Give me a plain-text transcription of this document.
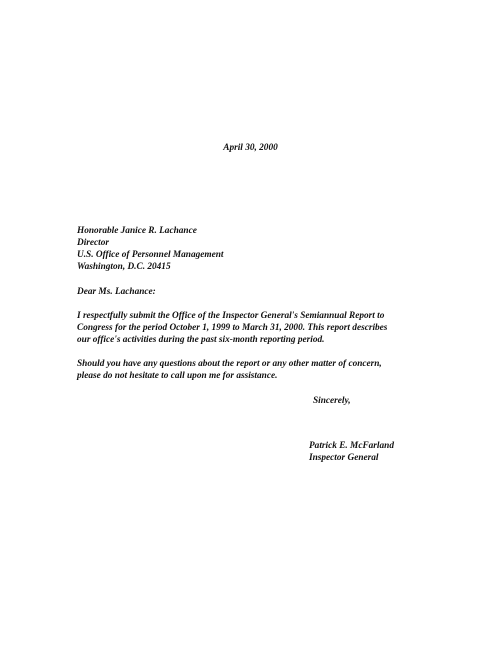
April 30, 2000
Honorable Janice R. Lachance
Director
U.S. Office of Personnel Management
Washington, D.C. 20415
Dear Ms. Lachance:
I respectfully submit the Office of the Inspector General's Semiannual Report to
Congress for the period October 1, 1999 to March 31, 2000. This report describes
our office's activities during the past six-month reporting period.
Should you have any questions about the report or any other matter of concern,
please do not hesitate to call upon me for assistance.
Sincerely,
Patrick E. McFarland
Inspector General
